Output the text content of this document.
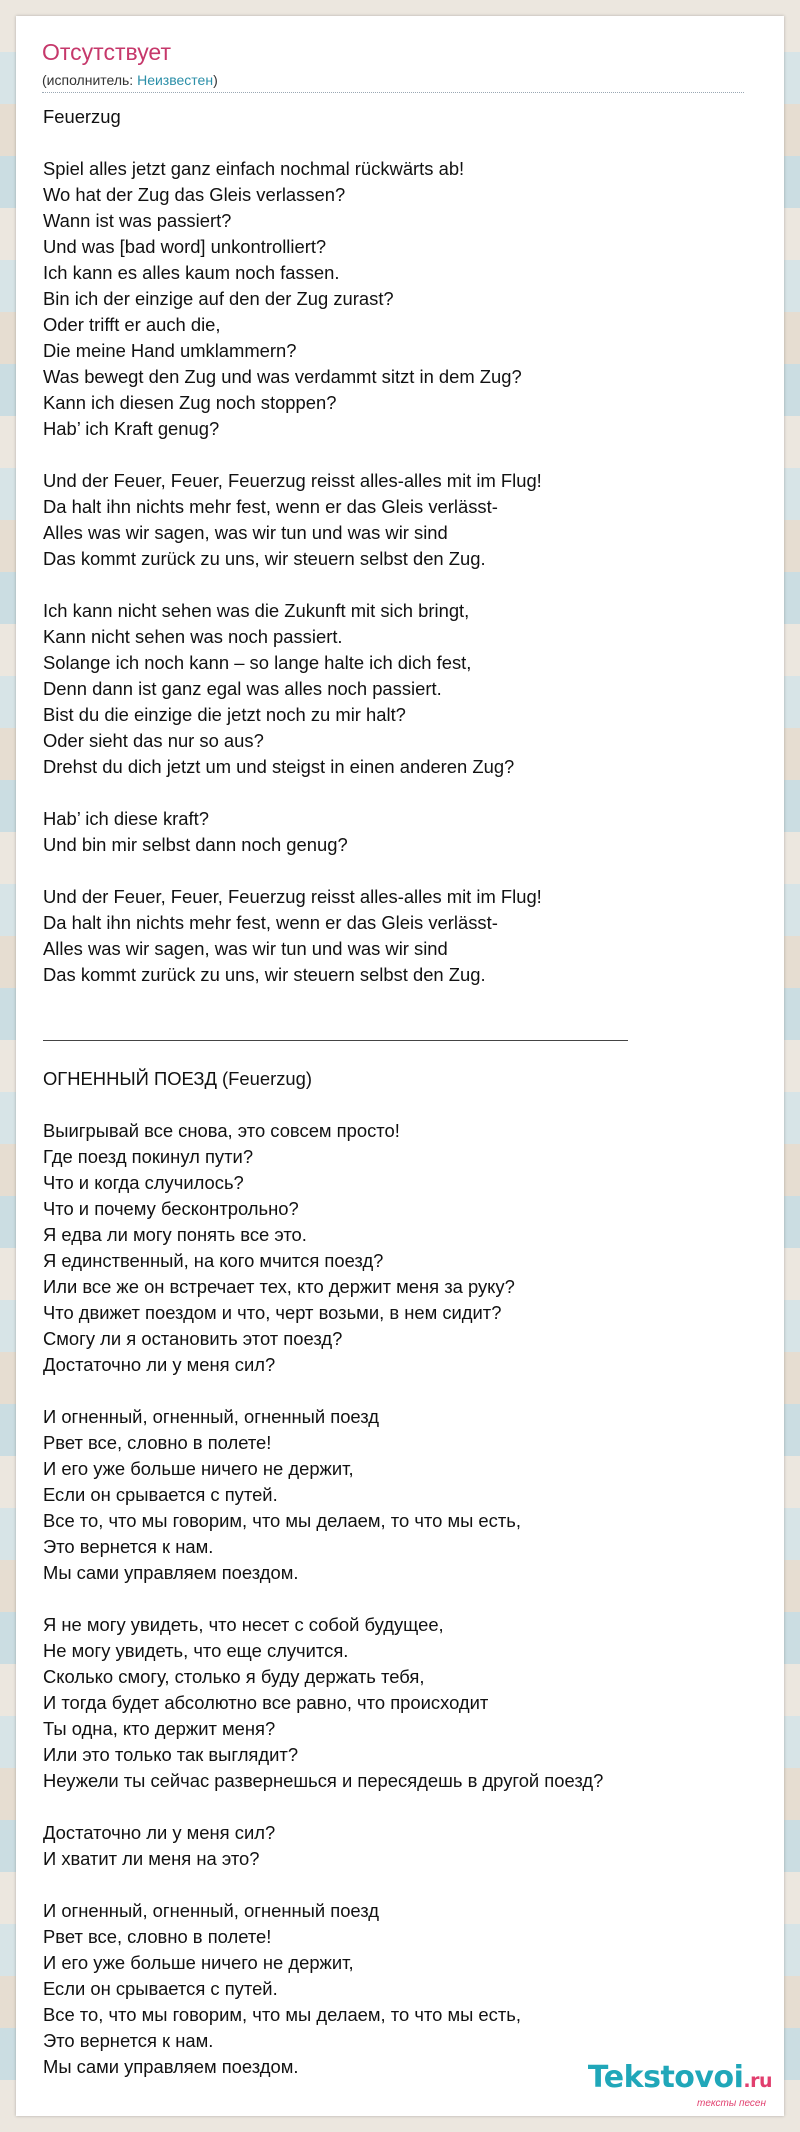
Отсутствует
(исполнитель: Неизвестен)
Feuerzug
Spiel alles jetzt ganz einfach nochmal rückwärts ab!
Wo hat der Zug das Gleis verlassen?
Wann ist was passiert?
Und was [bad word] unkontrolliert?
Ich kann es alles kaum noch fassen.
Bin ich der einzige auf den der Zug zurast?
Oder trifft er auch die,
Die meine Hand umklammern?
Was bewegt den Zug und was verdammt sitzt in dem Zug?
Kann ich diesen Zug noch stoppen?
Hab’ ich Kraft genug?
Und der Feuer, Feuer, Feuerzug reisst alles-alles mit im Flug!
Da halt ihn nichts mehr fest, wenn er das Gleis verlässt-
Alles was wir sagen, was wir tun und was wir sind
Das kommt zurück zu uns, wir steuern selbst den Zug.
Ich kann nicht sehen was die Zukunft mit sich bringt,
Kann nicht sehen was noch passiert.
Solange ich noch kann – so lange halte ich dich fest,
Denn dann ist ganz egal was alles noch passiert.
Bist du die einzige die jetzt noch zu mir halt?
Oder sieht das nur so aus?
Drehst du dich jetzt um und steigst in einen anderen Zug?
Hab’ ich diese kraft?
Und bin mir selbst dann noch genug?
Und der Feuer, Feuer, Feuerzug reisst alles-alles mit im Flug!
Da halt ihn nichts mehr fest, wenn er das Gleis verlässt-
Alles was wir sagen, was wir tun und was wir sind
Das kommt zurück zu uns, wir steuern selbst den Zug.
ОГНЕННЫЙ ПОЕЗД (Feuerzug)
Выигрывай все снова, это совсем просто!
Где поезд покинул пути?
Что и когда случилось?
Что и почему бесконтрольно?
Я едва ли могу понять все это.
Я единственный, на кого мчится поезд?
Или все же он встречает тех, кто держит меня за руку?
Что движет поездом и что, черт возьми, в нем сидит?
Смогу ли я остановить этот поезд?
Достаточно ли у меня сил?
И огненный, огненный, огненный поезд
Рвет все, словно в полете!
И его уже больше ничего не держит,
Если он срывается с путей.
Все то, что мы говорим, что мы делаем, то что мы есть,
Это вернется к нам.
Мы сами управляем поездом.
Я не могу увидеть, что несет с собой будущее,
Не могу увидеть, что еще случится.
Сколько смогу, столько я буду держать тебя,
И тогда будет абсолютно все равно, что происходит
Ты одна, кто держит меня?
Или это только так выглядит?
Неужели ты сейчас развернешься и пересядешь в другой поезд?
Достаточно ли у меня сил?
И хватит ли меня на это?
И огненный, огненный, огненный поезд
Рвет все, словно в полете!
И его уже больше ничего не держит,
Если он срывается с путей.
Все то, что мы говорим, что мы делаем, то что мы есть,
Это вернется к нам.
Мы сами управляем поездом.	Tekstovoi.ru
тексты песен
